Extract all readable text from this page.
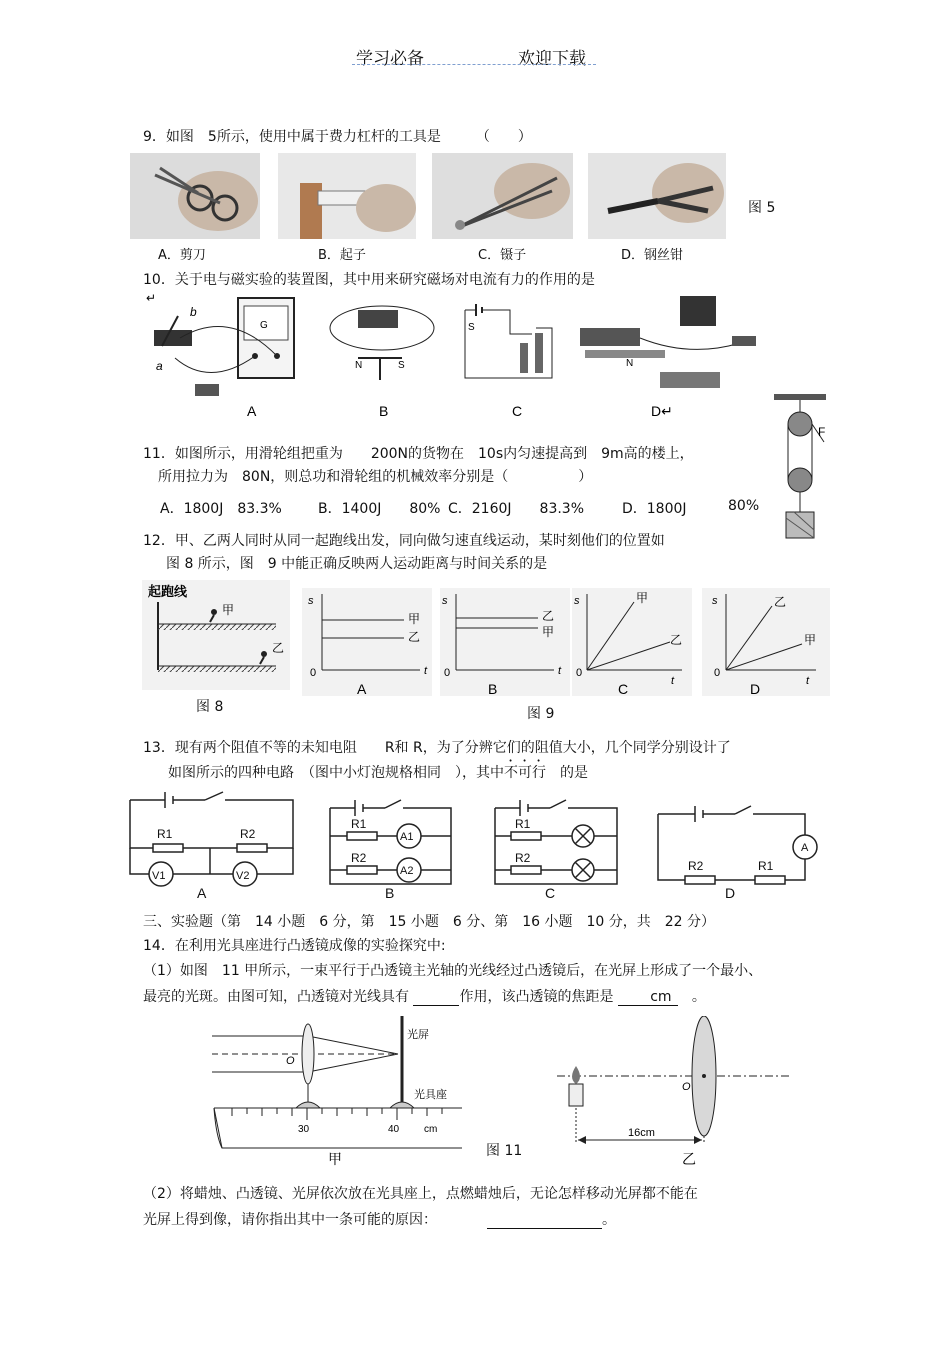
学习必备	欢迎下载
9．如图　5所示，使用中属于费力杠杆的工具是　　　（　　）
图 5
A．剪刀	B．起子	C．镊子	D．钢丝钳
10．关于电与磁实验的装置图，其中用来研究磁场对电流有力的作用的是
↵
b
a
G
A
N	S
B
S
C
N
D↵
F
11．如图所示，用滑轮组把重为　　200N的货物在　10s内匀速提高到　9m高的楼上，
所用拉力为　80N，则总功和滑轮组的机械效率分别是（　　　　　）
A．1800J　83.3%	B．1400J　　80% C．2160J　　83.3%	D．1800J	80%
12．甲、乙两人同时从同一起跑线出发，同向做匀速直线运动，某时刻他们的位置如
图 8 所示，图　9 中能正确反映两人运动距离与时间关系的是
起跑线
甲
乙
s
t
0
甲
乙
A
s
t
0
乙
甲
B
s
t
0
甲
乙
C
s
t
0
乙
甲
D
图 8	图 9
13．现有两个阻值不等的未知电阻　　R和 R，为了分辨它们的阻值大小，几个同学分别设计了
如图所示的四种电路　（图中小灯泡规格相同　），其中不可行　的是
R1	R2
V1	V2
A
R1
R2
A1
A2
B
R1
R2
C
R2	R1
A
D
三、实验题（第　14 小题　6 分，第　15 小题　6 分、第　16 小题　10 分，共　22 分）
14．在利用光具座进行凸透镜成像的实验探究中:
（1）如图　11 甲所示，一束平行于凸透镜主光轴的光线经过凸透镜后，在光屏上形成了一个最小、
最亮的光斑。由图可知，凸透镜对光线具有	作用，该凸透镜的焦距是	cm　 。
光屏
光具座
O
30	40 cm
甲
O
16cm
乙
图 11
（2）将蜡烛、凸透镜、光屏依次放在光具座上，点燃蜡烛后，无论怎样移动光屏都不能在
光屏上得到像，请你指出其中一条可能的原因：	。
